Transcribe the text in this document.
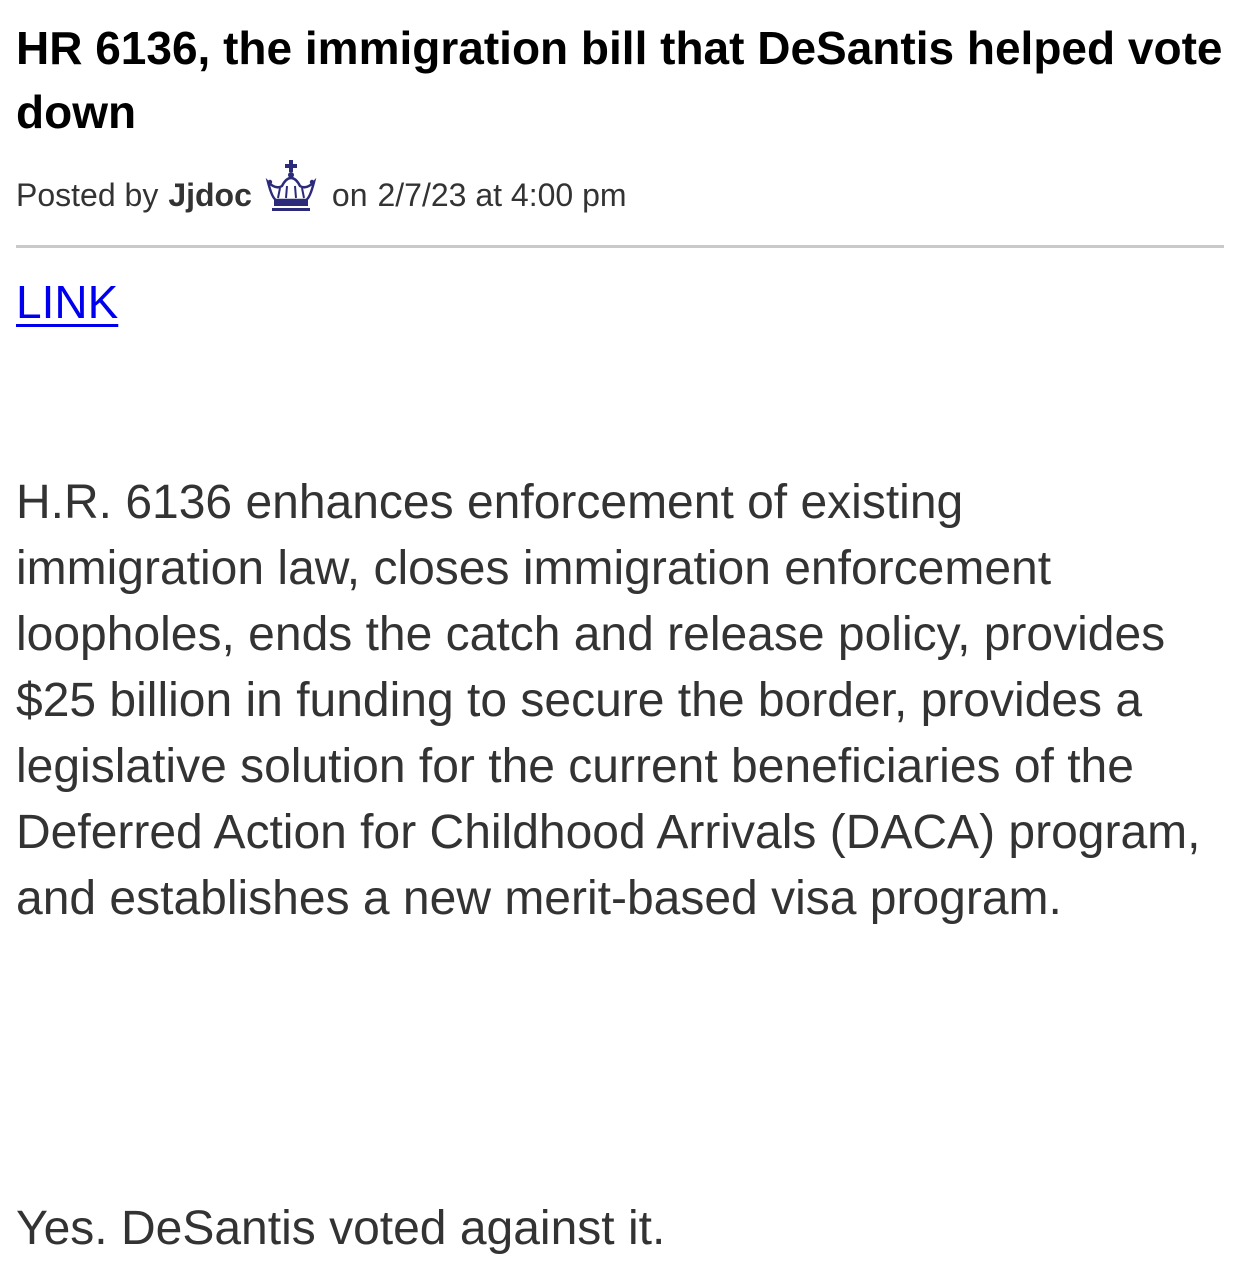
HR 6136, the immigration bill that DeSantis helped vote down
Posted by Jjdoc	on 2/7/23 at 4:00 pm
LINK

H.R. 6136 enhances enforcement of existing immigration law, closes immigration enforcement loopholes, ends the catch and release policy, provides $25 billion in funding to secure the border, provides a legislative solution for the current beneficiaries of the Deferred Action for Childhood Arrivals (DACA) program, and establishes a new merit-based visa program.

Yes. DeSantis voted against it.
